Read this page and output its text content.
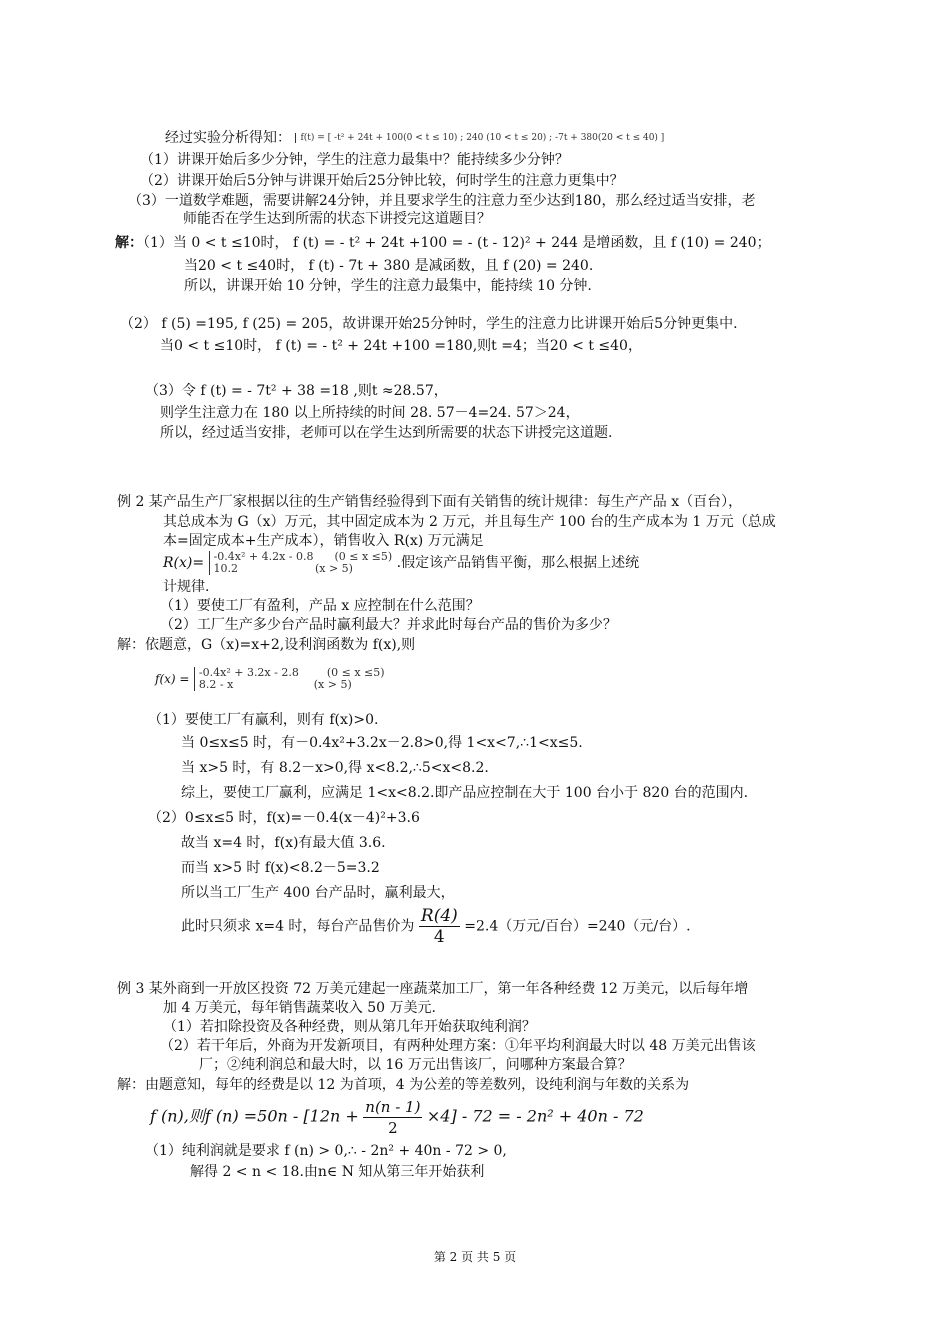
经过实验分析得知： f(t) = [ -t² + 24t + 100(0 < t ≤ 10) ; 240 (10 < t ≤ 20) ; -7t + 380(20 < t ≤ 40) ]
（1）讲课开始后多少分钟，学生的注意力最集中？能持续多少分钟？
（2）讲课开始后5分钟与讲课开始后25分钟比较，何时学生的注意力更集中？
（3）一道数学难题，需要讲解24分钟，并且要求学生的注意力至少达到180，那么经过适当安排，老
师能否在学生达到所需的状态下讲授完这道题目？
解：（1）当 0 < t ≤10时， f (t) = - t² + 24t +100 = - (t - 12)² + 244 是增函数，且 f (10) = 240；
当20 < t ≤40时， f (t) - 7t + 380 是减函数，且 f (20) = 240.
所以，讲课开始 10 分钟，学生的注意力最集中，能持续 10 分钟.
（2） f (5) =195, f (25) = 205，故讲课开始25分钟时，学生的注意力比讲课开始后5分钟更集中.
当0 < t ≤10时， f (t) = - t² + 24t +100 =180,则t =4；当20 < t ≤40，
（3）令 f (t) = - 7t² + 38 =18 ,则t ≈28.57，
则学生注意力在 180 以上所持续的时间 28. 57－4=24. 57＞24，
所以，经过适当安排，老师可以在学生达到所需要的状态下讲授完这道题.
例 2 某产品生产厂家根据以往的生产销售经验得到下面有关销售的统计规律：每生产产品 x（百台），
其总成本为 G（x）万元，其中固定成本为 2 万元，并且每生产 100 台的生产成本为 1 万元（总成
本=固定成本+生产成本），销售收入 R(x) 万元满足
R(x)= -0.4x² + 4.2x - 0.8      (0 ≤ x ≤5)
10.2                      (x > 5)	.假定该产品销售平衡，那么根据上述统
计规律.
（1）要使工厂有盈利，产品 x 应控制在什么范围？
（2）工厂生产多少台产品时赢利最大？并求此时每台产品的售价为多少？
解：依题意，G（x)=x+2,设利润函数为 f(x),则
f(x) = -0.4x² + 3.2x - 2.8        (0 ≤ x ≤5)
8.2 - x                       (x > 5)
（1）要使工厂有赢利，则有 f(x)>0.
当 0≤x≤5 时，有－0.4x²+3.2x－2.8>0,得 1<x<7,∴1<x≤5.
当 x>5 时，有 8.2－x>0,得 x<8.2,∴5<x<8.2.
综上，要使工厂赢利，应满足 1<x<8.2.即产品应控制在大于 100 台小于 820 台的范围内.
（2）0≤x≤5 时，f(x)=－0.4(x－4)²+3.6
故当 x=4 时，f(x)有最大值 3.6.
而当 x>5 时 f(x)<8.2－5=3.2
所以当工厂生产 400 台产品时，赢利最大，
此时只须求 x=4 时，每台产品售价为 $\frac{R(4)}{4} =2.4$（万元/百台）=240（元/台）.
例 3 某外商到一开放区投资 72 万美元建起一座蔬菜加工厂，第一年各种经费 12 万美元，以后每年增
加 4 万美元，每年销售蔬菜收入 50 万美元.
（1）若扣除投资及各种经费，则从第几年开始获取纯利润？
（2）若干年后，外商为开发新项目，有两种处理方案：①年平均利润最大时以 48 万美元出售该
厂；②纯利润总和最大时，以 16 万元出售该厂，问哪种方案最合算？
解：由题意知，每年的经费是以 12 为首项，4 为公差的等差数列，设纯利润与年数的关系为
f (n),则f $(n) =50n - [12n + \frac{n(n - 1)}{2} \times 4] - 72$ = - 2n² + 40n - 72
（1）纯利润就是要求 f (n) > 0,∴ - 2n² + 40n - 72 > 0,
解得 2 < n < 18.由n∈ N 知从第三年开始获利
第 2 页 共 5 页
